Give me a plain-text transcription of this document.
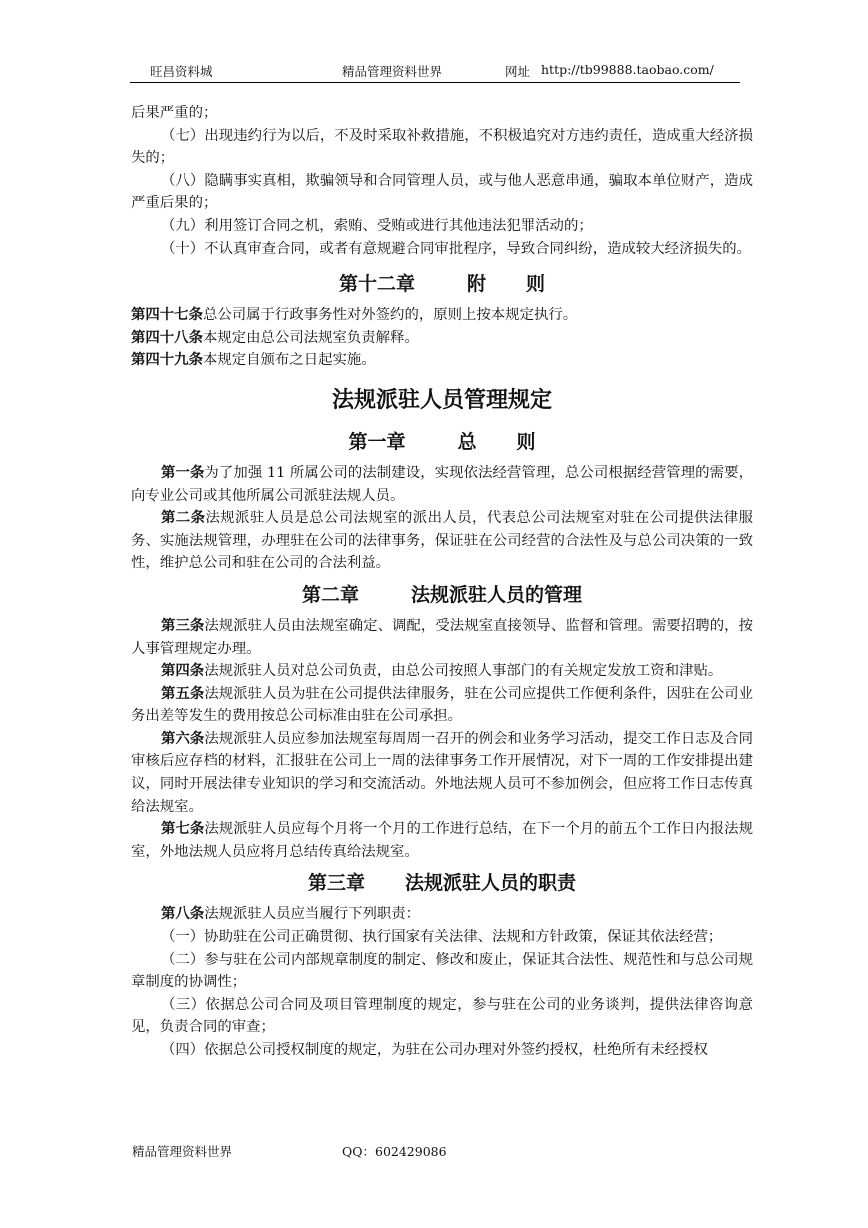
旺昌资料城	精品管理资料世界	网址 http://tb99888.taobao.com/

后果严重的；

（七）出现违约行为以后，不及时采取补救措施，不积极追究对方违约责任，造成重大经济损失的；

（八）隐瞒事实真相，欺骗领导和合同管理人员，或与他人恶意串通，骗取本单位财产，造成严重后果的；

（九）利用签订合同之机，索贿、受贿或进行其他违法犯罪活动的；

（十）不认真审查合同，或者有意规避合同审批程序，导致合同纠纷，造成较大经济损失的。

第十二章	附 则

第四十七条总公司属于行政事务性对外签约的，原则上按本规定执行。

第四十八条本规定由总公司法规室负责解释。

第四十九条本规定自颁布之日起实施。

法规派驻人员管理规定
第一章	总 则

第一条为了加强 11 所属公司的法制建设，实现依法经营管理，总公司根据经营管理的需要，向专业公司或其他所属公司派驻法规人员。

第二条法规派驻人员是总公司法规室的派出人员，代表总公司法规室对驻在公司提供法律服务、实施法规管理，办理驻在公司的法律事务，保证驻在公司经营的合法性及与总公司决策的一致性，维护总公司和驻在公司的合法利益。

第二章	法规派驻人员的管理

第三条法规派驻人员由法规室确定、调配，受法规室直接领导、监督和管理。需要招聘的，按人事管理规定办理。

第四条法规派驻人员对总公司负责，由总公司按照人事部门的有关规定发放工资和津贴。

第五条法规派驻人员为驻在公司提供法律服务，驻在公司应提供工作便利条件，因驻在公司业务出差等发生的费用按总公司标准由驻在公司承担。

第六条法规派驻人员应参加法规室每周周一召开的例会和业务学习活动，提交工作日志及合同审核后应存档的材料，汇报驻在公司上一周的法律事务工作开展情况，对下一周的工作安排提出建议，同时开展法律专业知识的学习和交流活动。外地法规人员可不参加例会，但应将工作日志传真给法规室。

第七条法规派驻人员应每个月将一个月的工作进行总结，在下一个月的前五个工作日内报法规室，外地法规人员应将月总结传真给法规室。

第三章 法规派驻人员的职责

第八条法规派驻人员应当履行下列职责：

（一）协助驻在公司正确贯彻、执行国家有关法律、法规和方针政策，保证其依法经营；

（二）参与驻在公司内部规章制度的制定、修改和废止，保证其合法性、规范性和与总公司规章制度的协调性；

（三）依据总公司合同及项目管理制度的规定，参与驻在公司的业务谈判，提供法律咨询意见，负责合同的审查；

（四）依据总公司授权制度的规定，为驻在公司办理对外签约授权，杜绝所有未经授权

精品管理资料世界	QQ：602429086
